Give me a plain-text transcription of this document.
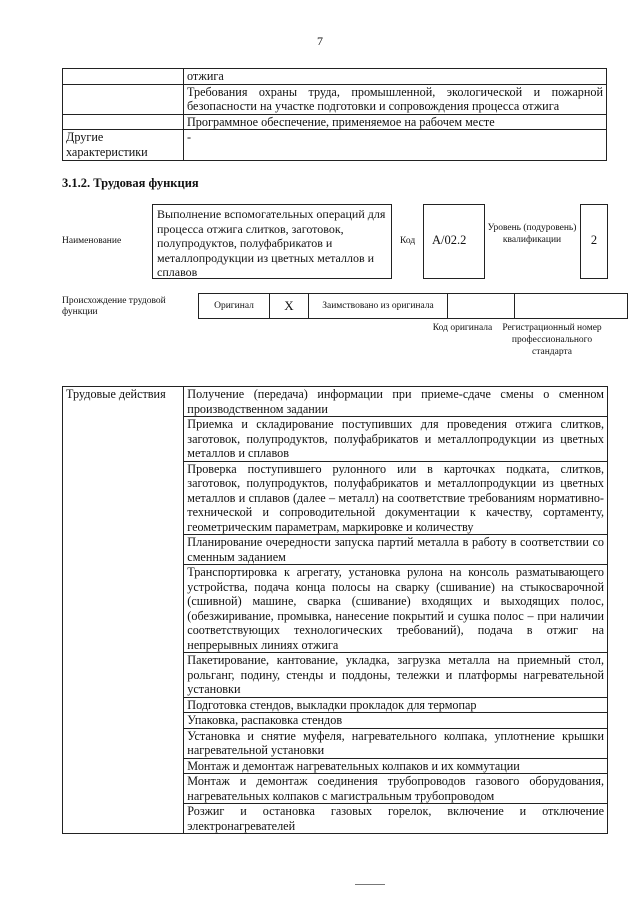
7
	отжига
	Требования охраны труда, промышленной, экологической и пожарной безопасности на участке подготовки и сопровождения процесса отжига
	Программное обеспечение, применяемое на рабочем месте
Другие характеристики	-
3.1.2. Трудовая функция
Наименование
Выполнение вспомогательных операций для процесса отжига слитков, заготовок, полупродуктов, полуфабрикатов и металлопродукции из цветных металлов и сплавов
Код	A/02.2
Уровень (подуровень) квалификации	2
Происхождение трудовой функции
Оригинал	X	Заимствовано из оригинала		
Код оригинала	Регистрационный номер профессионального стандарта
Трудовые действия	Получение (передача) информации при приеме-сдаче смены о сменном производственном задании
Приемка и складирование поступивших для проведения отжига слитков, заготовок, полупродуктов, полуфабрикатов и металлопродукции из цветных металлов и сплавов
Проверка поступившего рулонного или в карточках подката, слитков, заготовок, полупродуктов, полуфабрикатов и металлопродукции из цветных металлов и сплавов (далее – металл) на соответствие требованиям нормативно-технической и сопроводительной документации к качеству, сортаменту, геометрическим параметрам, маркировке и количеству
Планирование очередности запуска партий металла в работу в соответствии со сменным заданием
Транспортировка к агрегату, установка рулона на консоль разматывающего устройства, подача конца полосы на сварку (сшивание) на стыкосварочной (сшивной) машине, сварка (сшивание) входящих и выходящих полос, (обезжиривание, промывка, нанесение покрытий и сушка полос – при наличии соответствующих технологических требований), подача в отжиг на непрерывных линиях отжига
Пакетирование, кантование, укладка, загрузка металла на приемный стол, рольганг, подину, стенды и поддоны, тележки и платформы нагревательной установки
Подготовка стендов, выкладки прокладок для термопар
Упаковка, распаковка стендов
Установка и снятие муфеля, нагревательного колпака, уплотнение крышки нагревательной установки
Монтаж и демонтаж нагревательных колпаков и их коммутации
Монтаж и демонтаж соединения трубопроводов газового оборудования, нагревательных колпаков с магистральным трубопроводом
Розжиг и остановка газовых горелок, включение и отключение электронагревателей
